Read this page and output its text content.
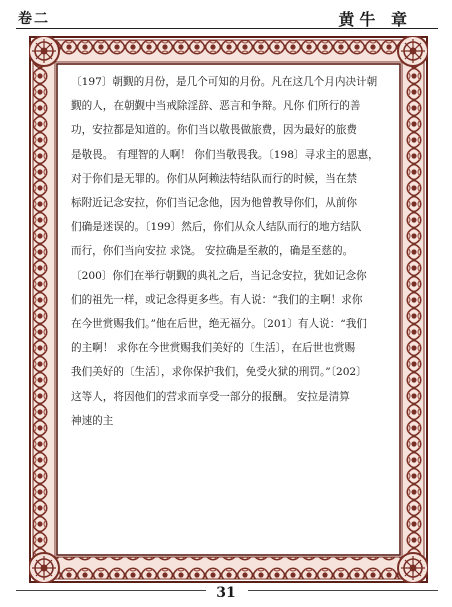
卷二	黄牛 章
〔197〕朝觐的月份，是几个可知的月份。凡在这几个月内决计朝
觐的人，在朝觐中当戒除淫辞、恶言和争辩。凡你 们所行的善
功，安拉都是知道的。你们当以敬畏做旅费，因为最好的旅费
是敬畏。 有理智的人啊！ 你们当敬畏我。〔198〕寻求主的恩惠，
对于你们是无罪的。你们从阿赖法特结队而行的时候，当在禁
标附近记念安拉，你们当记念他，因为他曾教导你们，从前你
们确是迷误的。〔199〕然后，你们从众人结队而行的地方结队
而行，你们当向安拉 求饶。 安拉确是至赦的，确是至慈的。
〔200〕你们在举行朝觐的典礼之后，当记念安拉，犹如记念你
们的祖先一样，或记念得更多些。有人说：“我们的主啊！求你
在今世赏赐我们。”他在后世，绝无福分。〔201〕有人说：“我们
的主啊！ 求你在今世赏赐我们美好的〔生活〕，在后世也赏赐
我们美好的〔生活〕，求你保护我们，免受火狱的刑罚。”〔202〕
这等人，将因他们的营求而享受一部分的报酬。 安拉是清算
神速的主
31
